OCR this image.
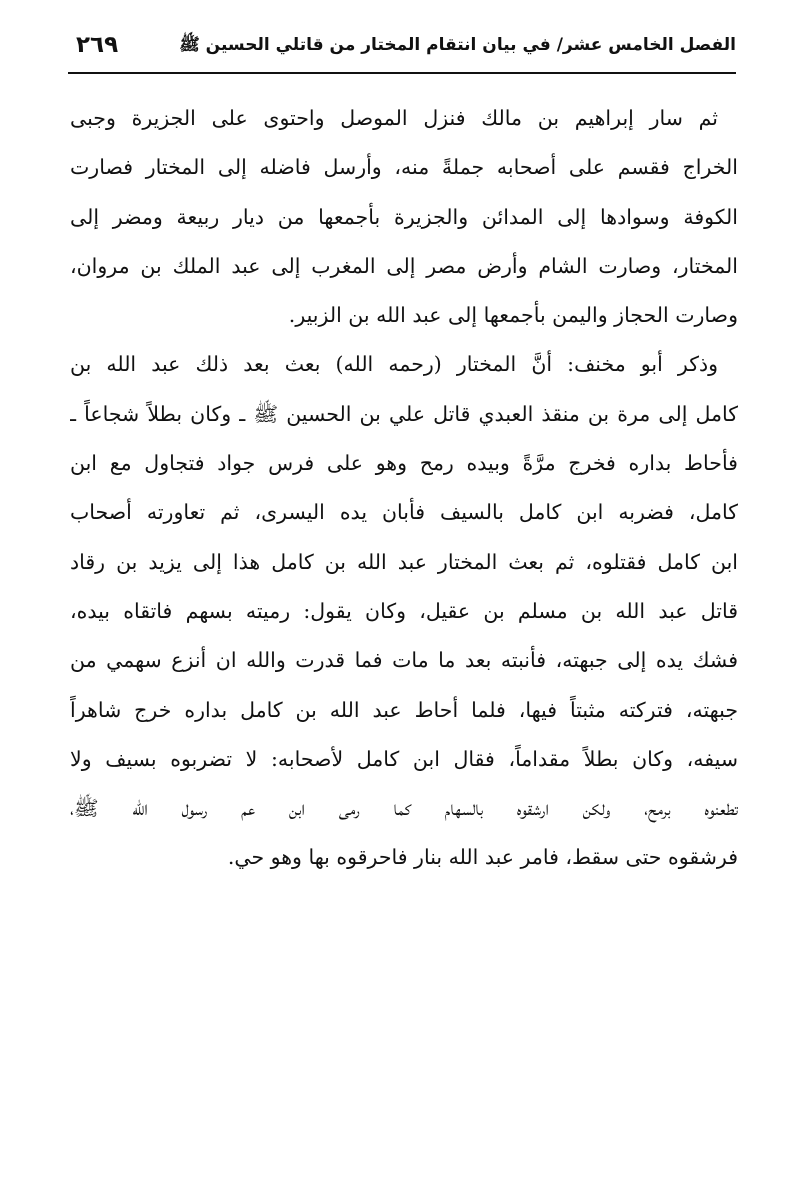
الفصل الخامس عشر/ في بيان انتقام المختار من قاتلي الحسين ﷺ
٢٦٩
ثم سار إبراهيم بن مالك فنزل الموصل واحتوى على الجزيرة وجبى
الخراج فقسم على أصحابه جملةً منه، وأرسل فاضله إلى المختار فصارت
الكوفة وسوادها إلى المدائن والجزيرة بأجمعها من ديار ربيعة ومضر إلى
المختار، وصارت الشام وأرض مصر إلى المغرب إلى عبد الملك بن مروان،
وصارت الحجاز واليمن بأجمعها إلى عبد الله بن الزبير.
وذكر أبو مخنف: أنَّ المختار (رحمه الله) بعث بعد ذلك عبد الله بن
كامل إلى مرة بن منقذ العبدي قاتل علي بن الحسين ﷺ ـ وكان بطلاً شجاعاً ـ
فأحاط بداره فخرج مرَّةً وبيده رمح وهو على فرس جواد فتجاول مع ابن
كامل، فضربه ابن كامل بالسيف فأبان يده اليسرى، ثم تعاورته أصحاب
ابن كامل فقتلوه، ثم بعث المختار عبد الله بن كامل هذا إلى يزيد بن رقاد
قاتل عبد الله بن مسلم بن عقيل، وكان يقول: رميته بسهم فاتقاه بيده،
فشك يده إلى جبهته، فأنبته بعد ما مات فما قدرت والله ان أنزع سهمي من
جبهته، فتركته مثبتاً فيها، فلما أحاط عبد الله بن كامل بداره خرج شاهراً
سيفه، وكان بطلاً مقداماً، فقال ابن كامل لأصحابه: لا تضربوه بسيف ولا
تطعنوه برمح، ولكن ارشقوه بالسهام كما رمى ابن عم رسول الله ﷺ،
فرشقوه حتى سقط، فامر عبد الله بنار فاحرقوه بها وهو حي.
